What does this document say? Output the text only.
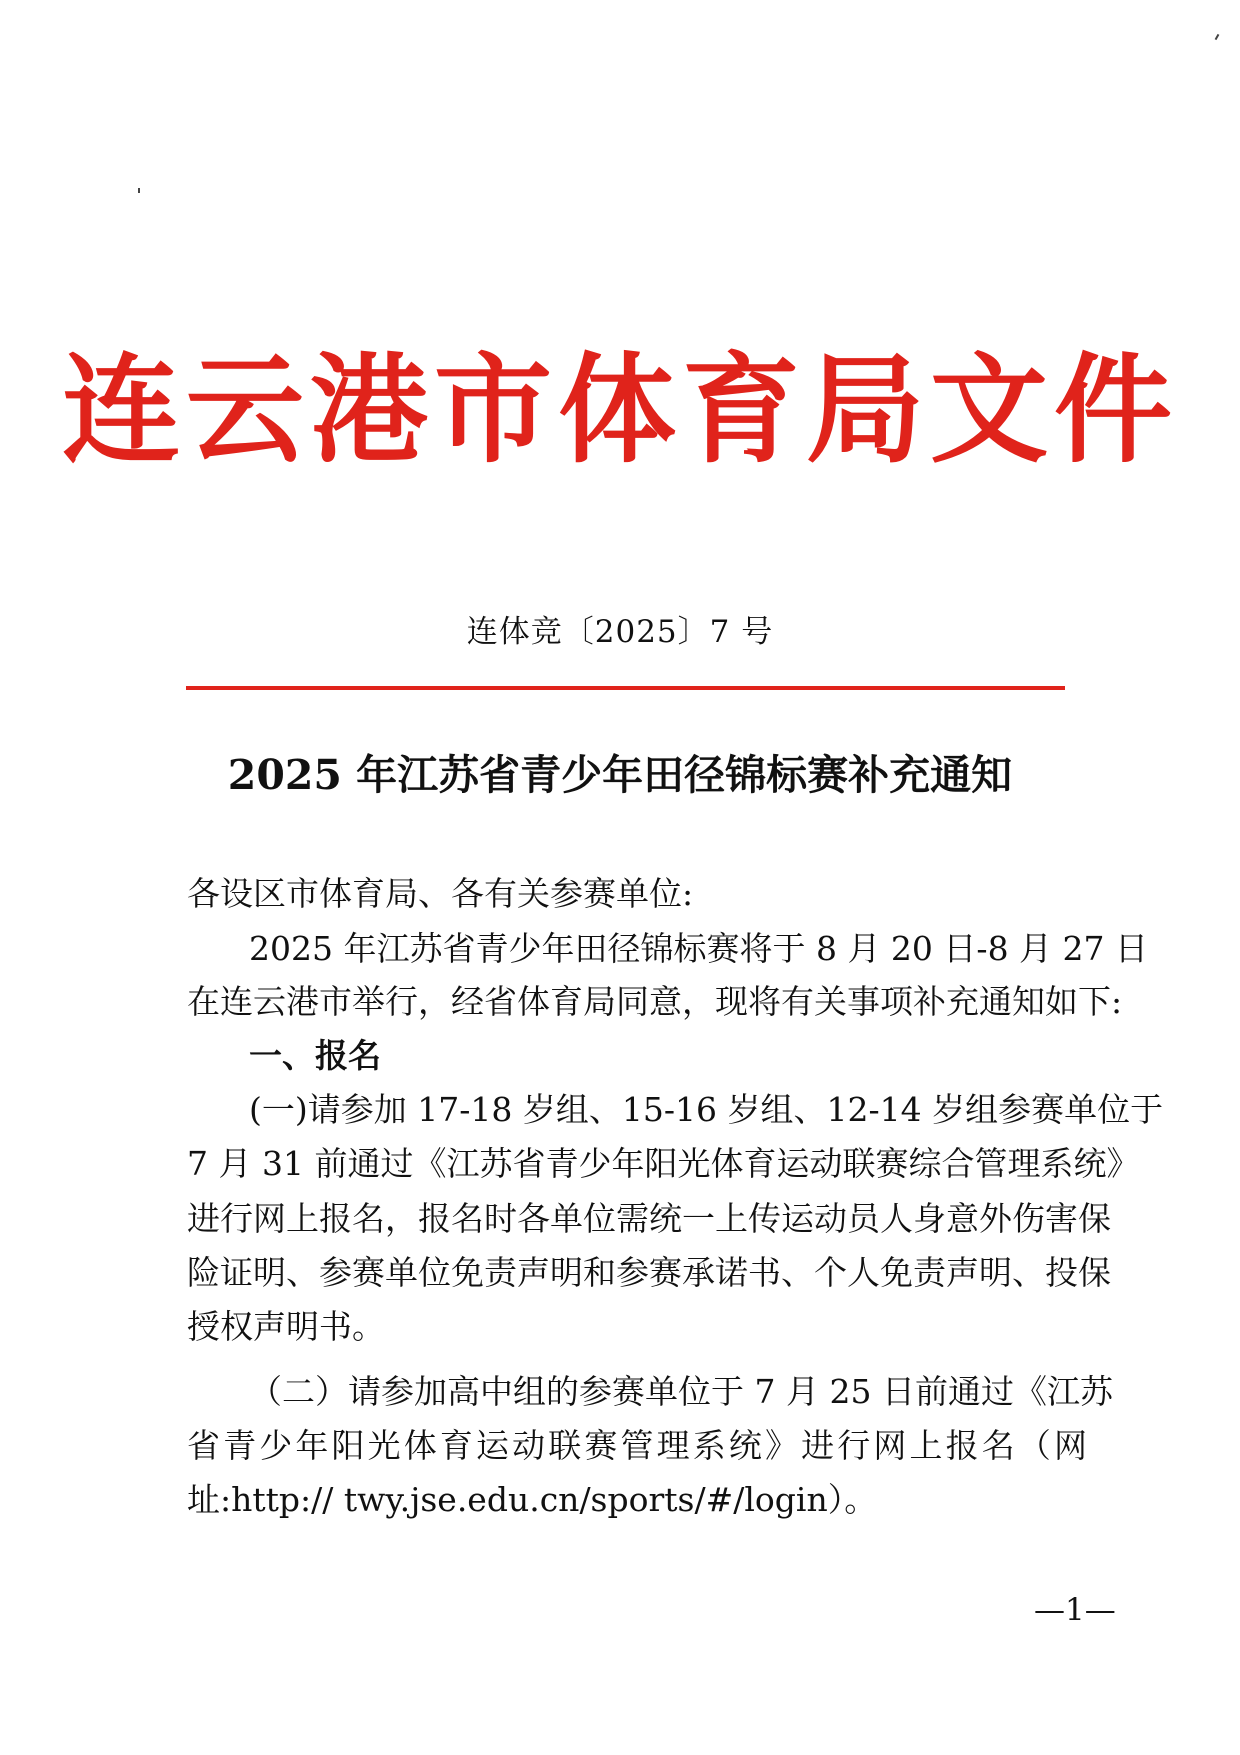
连云港市体育局文件
连体竞〔2025〕7 号
2025 年江苏省青少年田径锦标赛补充通知
各设区市体育局、各有关参赛单位:
2025 年江苏省青少年田径锦标赛将于 8 月 20 日-8 月 27 日
在连云港市举行，经省体育局同意，现将有关事项补充通知如下:
一、报名
(一)请参加 17-18 岁组、15-16 岁组、12-14 岁组参赛单位于
7 月 31 前通过《江苏省青少年阳光体育运动联赛综合管理系统》
进行网上报名，报名时各单位需统一上传运动员人身意外伤害保
险证明、参赛单位免责声明和参赛承诺书、个人免责声明、投保
授权声明书。
（二）请参加高中组的参赛单位于 7 月 25 日前通过《江苏
省青少年阳光体育运动联赛管理系统》进行网上报名（网
址:http:// twy.jse.edu.cn/sports/#/login）。
—1—
